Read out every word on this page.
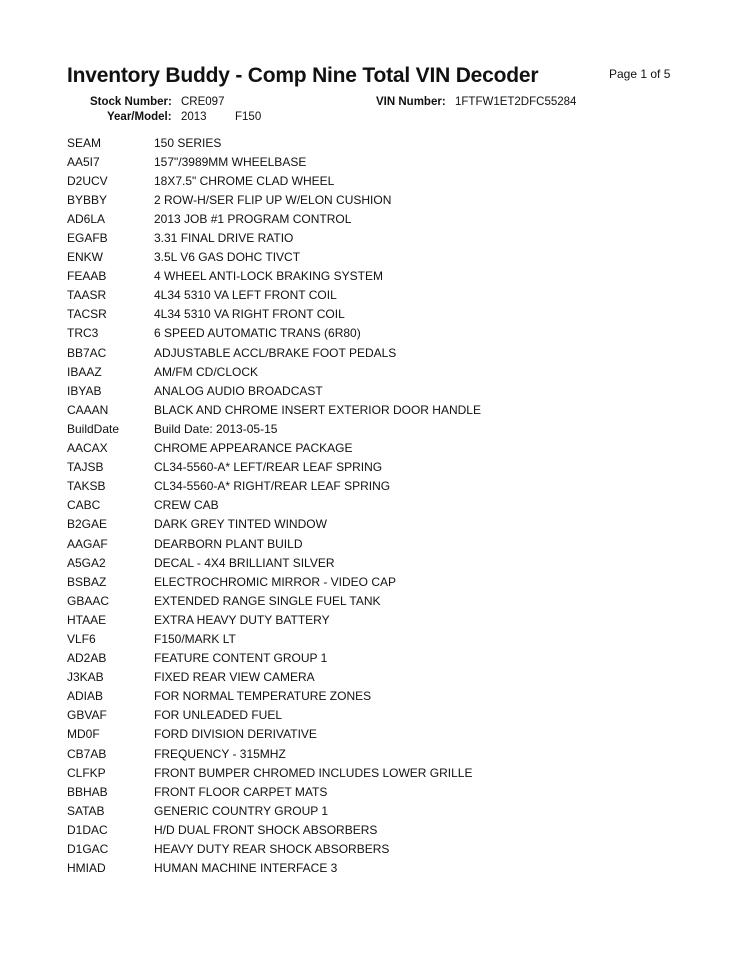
Inventory Buddy - Comp Nine Total VIN Decoder	Page 1 of 5
Stock Number: CRE097	VIN Number: 1FTFW1ET2DFC55284
Year/Model: 2013 F150
SEAM	150 SERIES
AA5I7	157"/3989MM WHEELBASE
D2UCV	18X7.5" CHROME CLAD WHEEL
BYBBY	2 ROW-H/SER FLIP UP W/ELON CUSHION
AD6LA	2013 JOB #1 PROGRAM CONTROL
EGAFB	3.31 FINAL DRIVE RATIO
ENKW	3.5L V6 GAS DOHC TIVCT
FEAAB	4 WHEEL ANTI-LOCK BRAKING SYSTEM
TAASR	4L34 5310 VA LEFT FRONT COIL
TACSR	4L34 5310 VA RIGHT FRONT COIL
TRC3	6 SPEED AUTOMATIC TRANS (6R80)
BB7AC	ADJUSTABLE ACCL/BRAKE FOOT PEDALS
IBAAZ	AM/FM CD/CLOCK
IBYAB	ANALOG AUDIO BROADCAST
CAAAN	BLACK AND CHROME INSERT EXTERIOR DOOR HANDLE
BuildDate	Build Date: 2013-05-15
AACAX	CHROME APPEARANCE PACKAGE
TAJSB	CL34-5560-A* LEFT/REAR LEAF SPRING
TAKSB	CL34-5560-A* RIGHT/REAR LEAF SPRING
CABC	CREW CAB
B2GAE	DARK GREY TINTED WINDOW
AAGAF	DEARBORN PLANT BUILD
A5GA2	DECAL - 4X4 BRILLIANT SILVER
BSBAZ	ELECTROCHROMIC MIRROR - VIDEO CAP
GBAAC	EXTENDED RANGE SINGLE FUEL TANK
HTAAE	EXTRA HEAVY DUTY BATTERY
VLF6	F150/MARK LT
AD2AB	FEATURE CONTENT GROUP 1
J3KAB	FIXED REAR VIEW CAMERA
ADIAB	FOR NORMAL TEMPERATURE ZONES
GBVAF	FOR UNLEADED FUEL
MD0F	FORD DIVISION DERIVATIVE
CB7AB	FREQUENCY - 315MHZ
CLFKP	FRONT BUMPER CHROMED INCLUDES LOWER GRILLE
BBHAB	FRONT FLOOR CARPET MATS
SATAB	GENERIC COUNTRY GROUP 1
D1DAC	H/D DUAL FRONT SHOCK ABSORBERS
D1GAC	HEAVY DUTY REAR SHOCK ABSORBERS
HMIAD	HUMAN MACHINE INTERFACE 3
